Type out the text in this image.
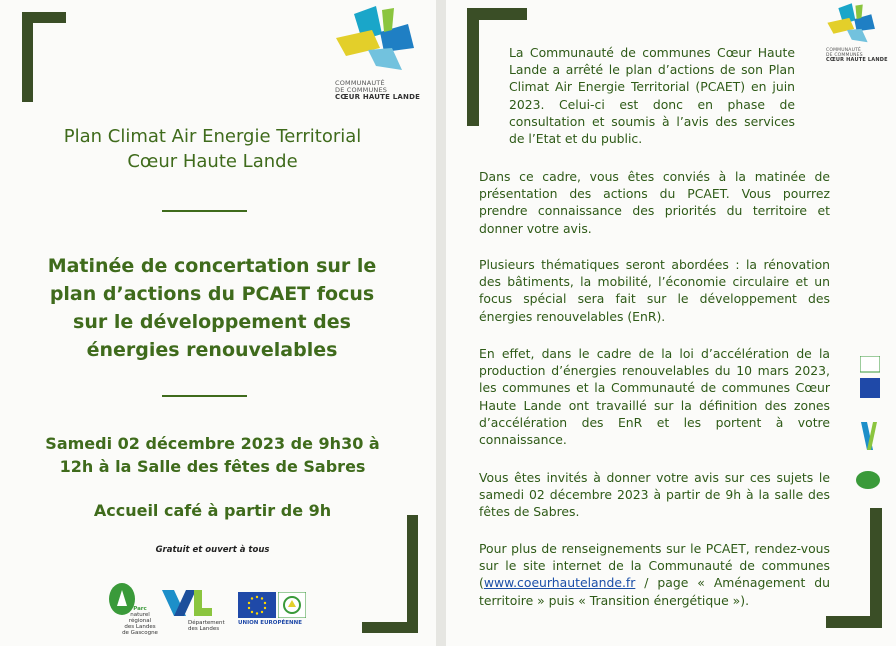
COMMUNAUTÉ
DE COMMUNES
CŒUR HAUTE LANDE
COMMUNAUTÉ
DE COMMUNES
CŒUR HAUTE LANDE
Plan Climat Air Energie Territorial
Cœur Haute Lande
Matinée de concertation sur le plan d’actions du PCAET focus sur le développement des énergies renouvelables
Samedi 02 décembre 2023 de 9h30 à
12h à la Salle des fêtes de Sabres
Accueil café à partir de 9h
Gratuit et ouvert à tous
Parc
naturel
régional
des Landes
de Gascogne
Département
des Landes
UNION EUROPÉENNE
La Communauté de communes Cœur Haute Lande a arrêté le plan d’actions de son Plan Climat Air Energie Territorial (PCAET) en juin 2023. Celui-ci est donc en phase de consultation et soumis à l’avis des services de l’Etat et du public.
Dans ce cadre, vous êtes conviés à la matinée de présentation des actions du PCAET. Vous pourrez prendre connaissance des priorités du territoire et donner votre avis.
Plusieurs thématiques seront abordées : la rénovation des bâtiments, la mobilité, l’économie circulaire et un focus spécial sera fait sur le développement des énergies renouvelables (EnR).
En effet, dans le cadre de la loi d’accélération de la production d’énergies renouvelables du 10 mars 2023, les communes et la Communauté de communes Cœur Haute Lande ont travaillé sur la définition des zones d’accélération des EnR et les portent à votre connaissance.
Vous êtes invités à donner votre avis sur ces sujets le samedi 02 décembre 2023 à partir de 9h à la salle des fêtes de Sabres.
Pour plus de renseignements sur le PCAET, rendez-vous sur le site internet de la Communauté de communes (www.coeurhautelande.fr / page « Aménagement du territoire » puis « Transition énergétique »).
